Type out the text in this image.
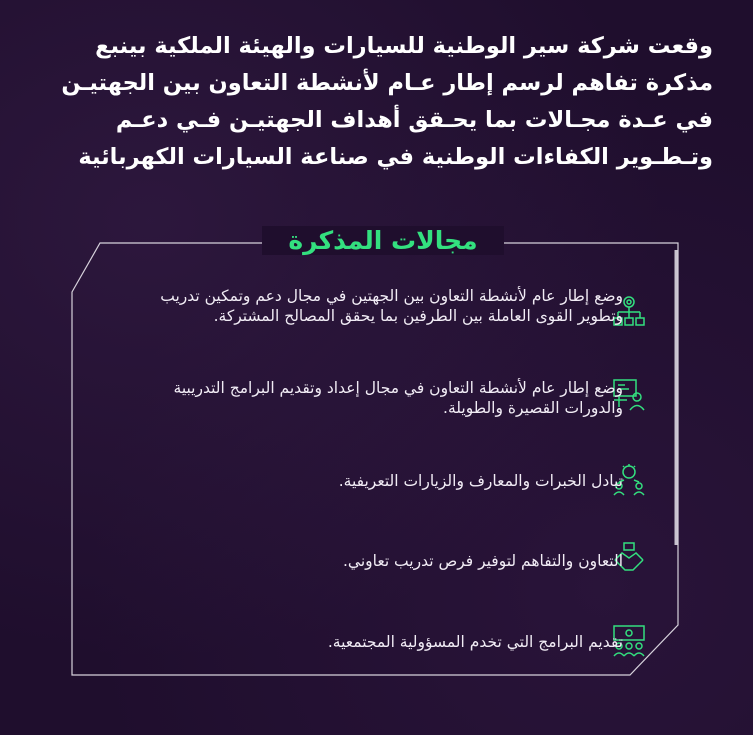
وقعت شركة سير الوطنية للسيارات والهيئة الملكية بينبع
مذكرة تفاهم لرسم إطار عـام لأنشطة التعاون بين الجهتيـن
في عـدة مجـالات بما يحـقق أهداف الجهتيـن فـي دعـم
وتـطـوير الكفاءات الوطنية في صناعة السيارات الكهربائية
مجالات المذكرة
وضع إطار عام لأنشطة التعاون بين الجهتين في مجال دعم وتمكين تدريب وتطوير القوى العاملة بين الطرفين بما يحقق المصالح المشتركة.
وضع إطار عام لأنشطة التعاون في مجال إعداد وتقديم البرامج التدريبية والدورات القصيرة والطويلة.
تبادل الخبرات والمعارف والزيارات التعريفية.
التعاون والتفاهم لتوفير فرص تدريب تعاوني.
تقديم البرامج التي تخدم المسؤولية المجتمعية.
